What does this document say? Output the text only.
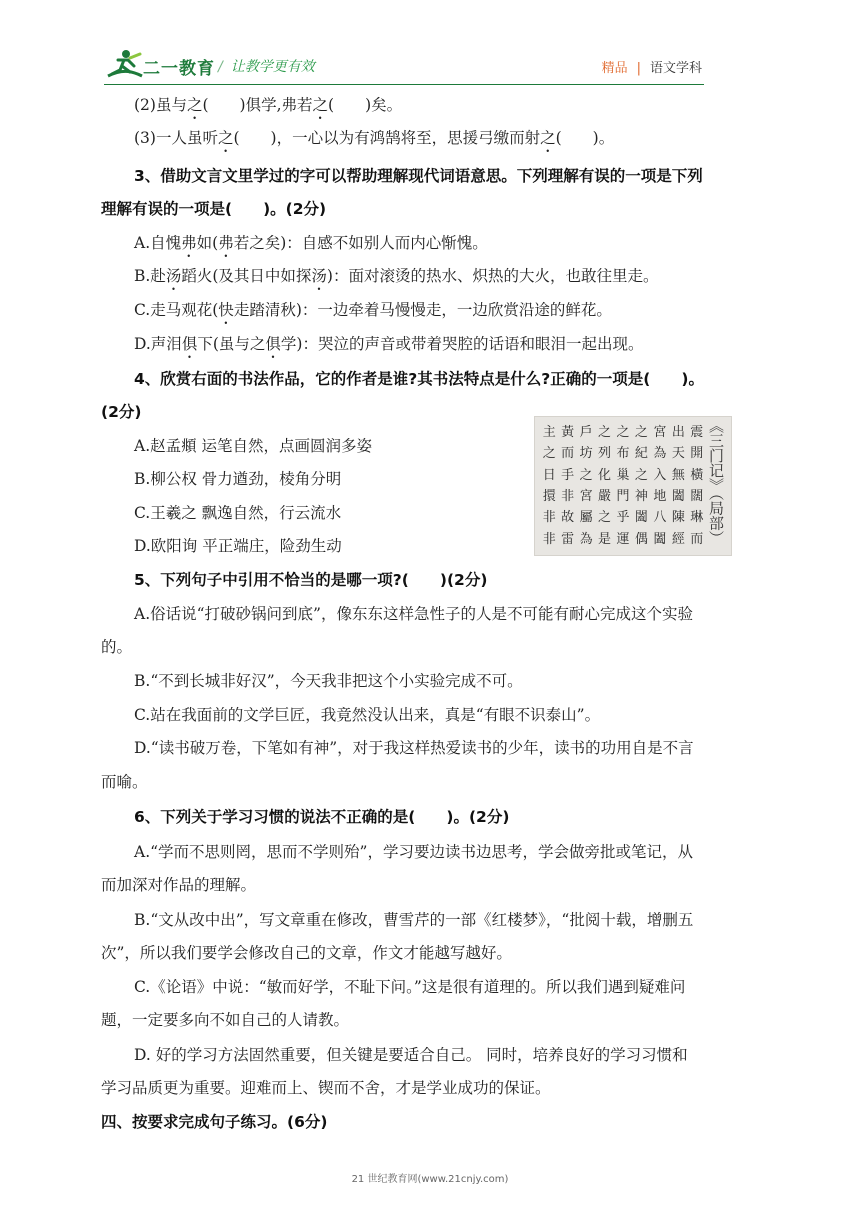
二一教育 / 让教学更有效	精品 | 语文学科
(2)虽与之(　　)俱学,弗若之(　　)矣。
(3)一人虽听之(　　)，一心以为有鸿鹄将至，思援弓缴而射之(　　)。
3、借助文言文里学过的字可以帮助理解现代词语意思。下列理解有误的一项是下列
理解有误的一项是(　　)。(2分)
A.自愧弗如(弗若之矣)：自感不如别人而内心惭愧。
B.赴汤蹈火(及其日中如探汤)：面对滚烫的热水、炽热的大火，也敢往里走。
C.走马观花(快走踏清秋)：一边牵着马慢慢走，一边欣赏沿途的鲜花。
D.声泪俱下(虽与之俱学)：哭泣的声音或带着哭腔的话语和眼泪一起出现。
4、欣赏右面的书法作品，它的作者是谁?其书法特点是什么?正确的一项是(　　)。
(2分)
A.赵孟頫 运笔自然，点画圆润多姿
B.柳公权 骨力遒劲，棱角分明
C.王羲之 飘逸自然，行云流水
D.欧阳询 平正端庄，险劲生动
5、下列句子中引用不恰当的是哪一项?(　　)(2分)
A.俗话说“打破砂锅问到底”，像东东这样急性子的人是不可能有耐心完成这个实验
的。
B.“不到长城非好汉”，今天我非把这个小实验完成不可。
C.站在我面前的文学巨匠，我竟然没认出来，真是“有眼不识泰山”。
D.“读书破万卷，下笔如有神”，对于我这样热爱读书的少年，读书的功用自是不言
而喻。
6、下列关于学习习惯的说法不正确的是(　　)。(2分)
A.“学而不思则罔，思而不学则殆”，学习要边读书边思考，学会做旁批或笔记，从
而加深对作品的理解。
B.“文从改中出”，写文章重在修改，曹雪芹的一部《红楼梦》，“批阅十载，增删五
次”，所以我们要学会修改自己的文章，作文才能越写越好。
C.《论语》中说：“敏而好学，不耻下问。”这是很有道理的。所以我们遇到疑难问
题，一定要多向不如自己的人请教。
D. 好的学习方法固然重要，但关键是要适合自己。 同时，培养良好的学习习惯和
学习品质更为重要。迎难而上、锲而不舍，才是学业成功的保证。
四、按要求完成句子练习。(6分)
主 黃 戶 之 之 之 宮 出 震
之 而 坊 列 布 紀 為 天 開
日 手 之 化 巢 之 入 無 橫
擐 非 宮 嚴 門 神 地 闔 闊
非 故 屬 之 乎 闔 八 陳 琳
非 雷 為 是 運 偶 闔 經 而 《三门记》（局部）
21 世纪教育网(www.21cnjy.com)
